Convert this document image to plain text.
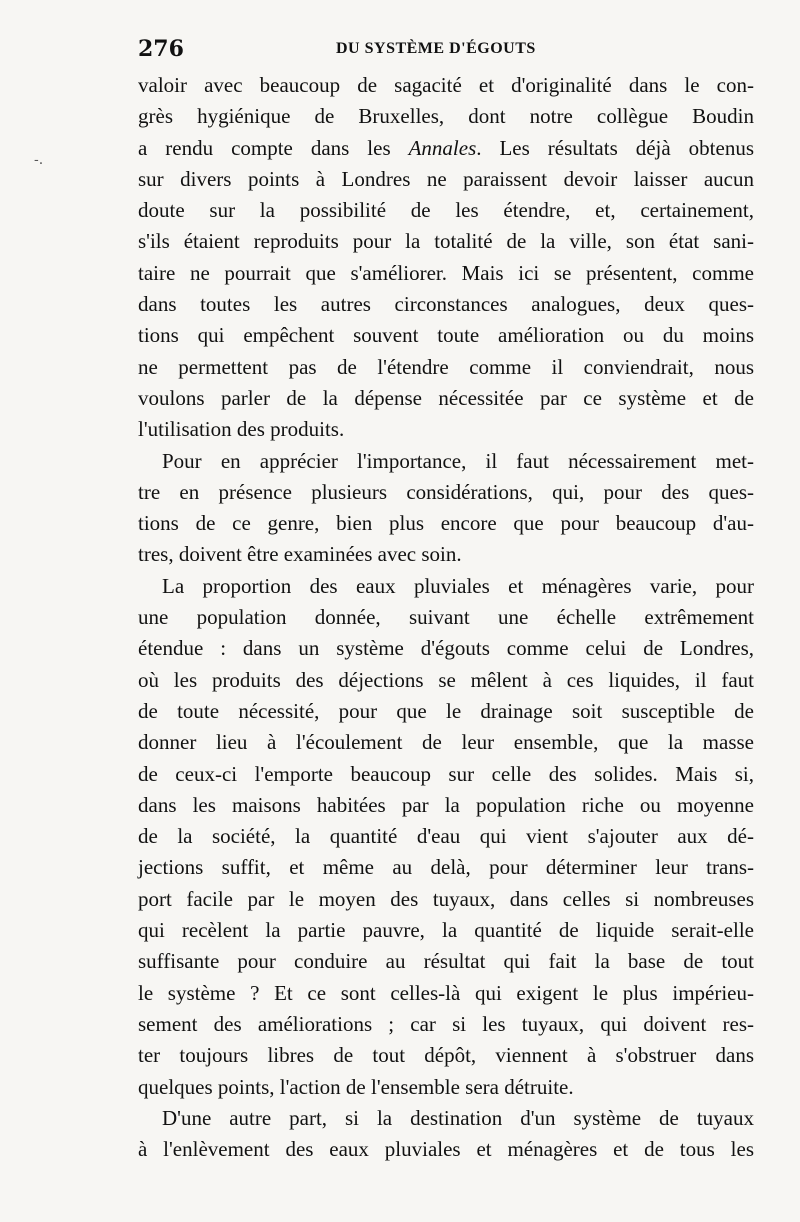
276	DU SYSTÈME D'ÉGOUTS
-.
valoir avec beaucoup de sagacité et d'originalité dans le con-
grès hygiénique de Bruxelles, dont notre collègue Boudin
a rendu compte dans les Annales. Les résultats déjà obtenus
sur divers points à Londres ne paraissent devoir laisser aucun
doute sur la possibilité de les étendre, et, certainement,
s'ils étaient reproduits pour la totalité de la ville, son état sani-
taire ne pourrait que s'améliorer. Mais ici se présentent, comme
dans toutes les autres circonstances analogues, deux ques-
tions qui empêchent souvent toute amélioration ou du moins
ne permettent pas de l'étendre comme il conviendrait, nous
voulons parler de la dépense nécessitée par ce système et de
l'utilisation des produits.
Pour en apprécier l'importance, il faut nécessairement met-
tre en présence plusieurs considérations, qui, pour des ques-
tions de ce genre, bien plus encore que pour beaucoup d'au-
tres, doivent être examinées avec soin.
La proportion des eaux pluviales et ménagères varie, pour
une population donnée, suivant une échelle extrêmement
étendue : dans un système d'égouts comme celui de Londres,
où les produits des déjections se mêlent à ces liquides, il faut
de toute nécessité, pour que le drainage soit susceptible de
donner lieu à l'écoulement de leur ensemble, que la masse
de ceux-ci l'emporte beaucoup sur celle des solides. Mais si,
dans les maisons habitées par la population riche ou moyenne
de la société, la quantité d'eau qui vient s'ajouter aux dé-
jections suffit, et même au delà, pour déterminer leur trans-
port facile par le moyen des tuyaux, dans celles si nombreuses
qui recèlent la partie pauvre, la quantité de liquide serait-elle
suffisante pour conduire au résultat qui fait la base de tout
le système ? Et ce sont celles-là qui exigent le plus impérieu-
sement des améliorations ; car si les tuyaux, qui doivent res-
ter toujours libres de tout dépôt, viennent à s'obstruer dans
quelques points, l'action de l'ensemble sera détruite.
D'une autre part, si la destination d'un système de tuyaux
à l'enlèvement des eaux pluviales et ménagères et de tous les
